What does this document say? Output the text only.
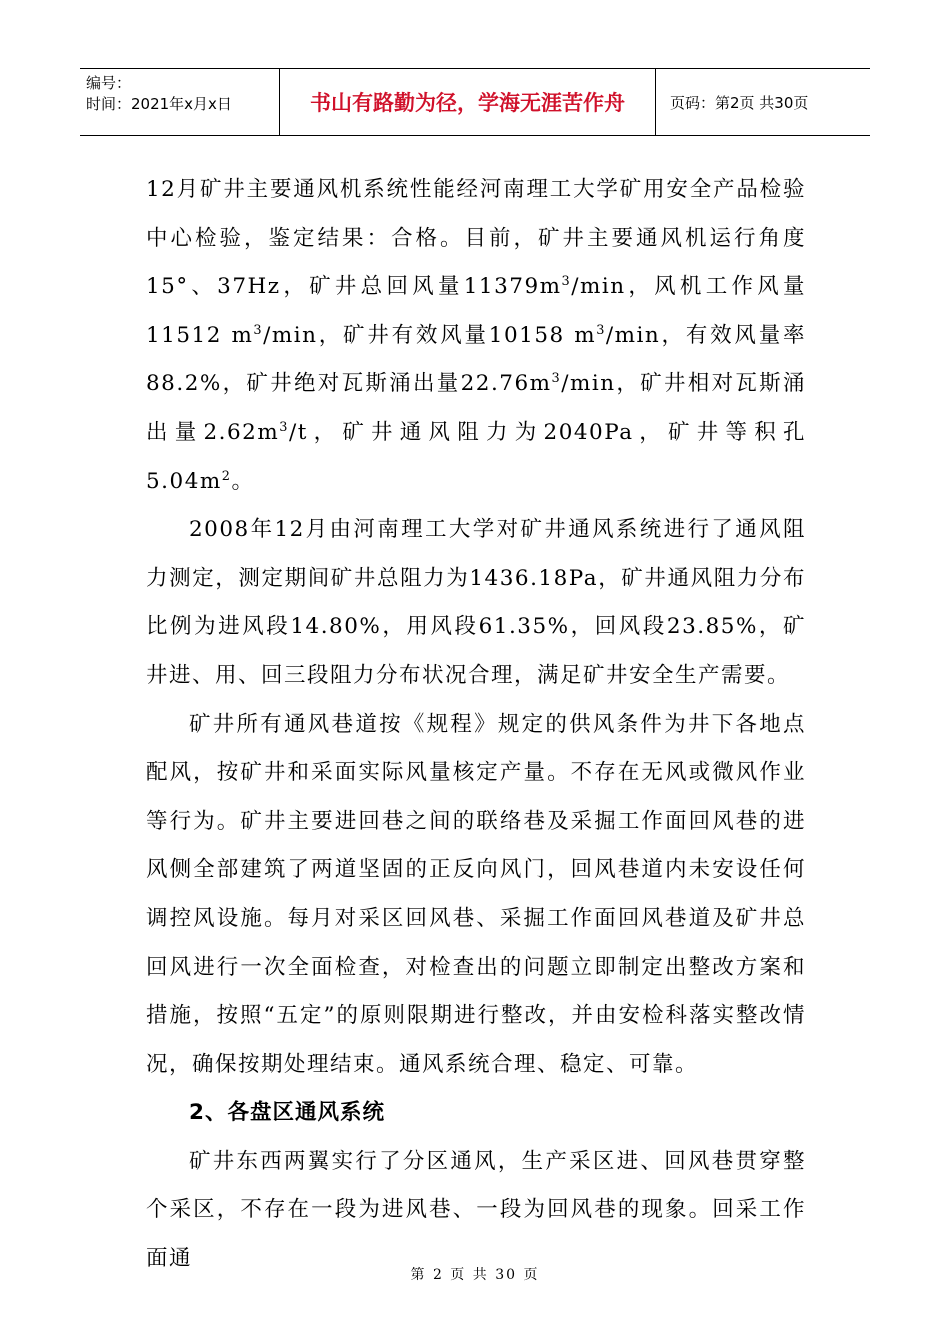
编号：
时间：2021年x月x日	书山有路勤为径，学海无涯苦作舟	页码：第2页 共30页

12月矿井主要通风机系统性能经河南理工大学矿用安全产品检验中心检验，鉴定结果：合格。目前，矿井主要通风机运行角度15°、37Hz，矿井总回风量$11379m^3/\min$，风机工作风量11512 $m^3/\min$，矿井有效风量10158 $m^3/\min$，有效风量率88.2%，矿井绝对瓦斯涌出量$22.76m^3/\min$，矿井相对瓦斯涌出量$2.62m^3/t$，矿井通风阻力为2040Pa，矿井等积孔$5.04m^2$。

2008年12月由河南理工大学对矿井通风系统进行了通风阻力测定，测定期间矿井总阻力为1436.18Pa，矿井通风阻力分布比例为进风段14.80%，用风段61.35%，回风段23.85%，矿井进、用、回三段阻力分布状况合理，满足矿井安全生产需要。

矿井所有通风巷道按《规程》规定的供风条件为井下各地点配风，按矿井和采面实际风量核定产量。不存在无风或微风作业等行为。矿井主要进回巷之间的联络巷及采掘工作面回风巷的进风侧全部建筑了两道坚固的正反向风门，回风巷道内未安设任何调控风设施。每月对采区回风巷、采掘工作面回风巷道及矿井总回风进行一次全面检查，对检查出的问题立即制定出整改方案和措施，按照“五定”的原则限期进行整改，并由安检科落实整改情况，确保按期处理结束。通风系统合理、稳定、可靠。

2、各盘区通风系统

矿井东西两翼实行了分区通风，生产采区进、回风巷贯穿整个采区，不存在一段为进风巷、一段为回风巷的现象。回采工作面通

第 2 页 共 30 页
